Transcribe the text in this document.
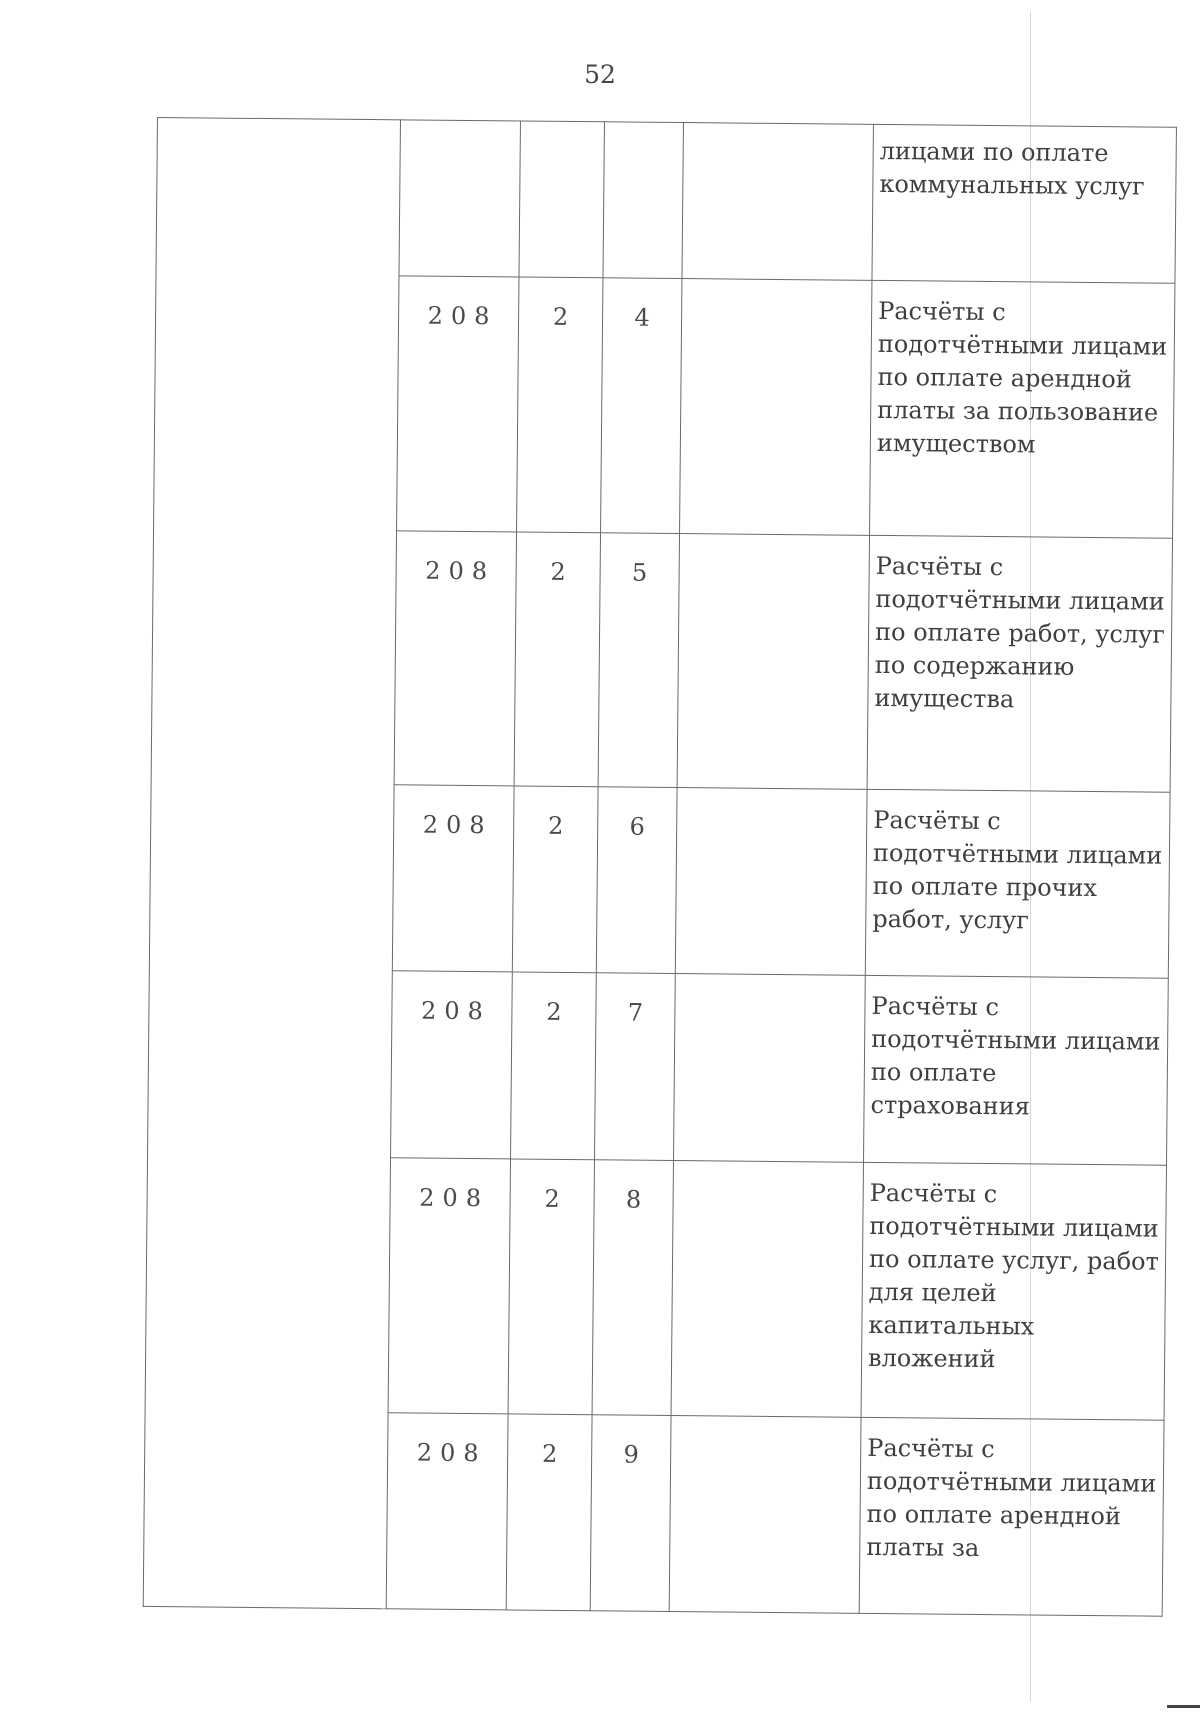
52
					лицами по оплате коммунальных услуг
	208	2	4		Расчёты с подотчётными лицами по оплате арендной платы за пользование имуществом
	208	2	5		Расчёты с подотчётными лицами по оплате работ, услуг по содержанию имущества
	208	2	6		Расчёты с подотчётными лицами по оплате прочих работ, услуг
	208	2	7		Расчёты с подотчётными лицами по оплате страхования
	208	2	8		Расчёты с подотчётными лицами по оплате услуг, работ для целей капитальных вложений
	208	2	9		Расчёты с подотчётными лицами по оплате арендной платы за
